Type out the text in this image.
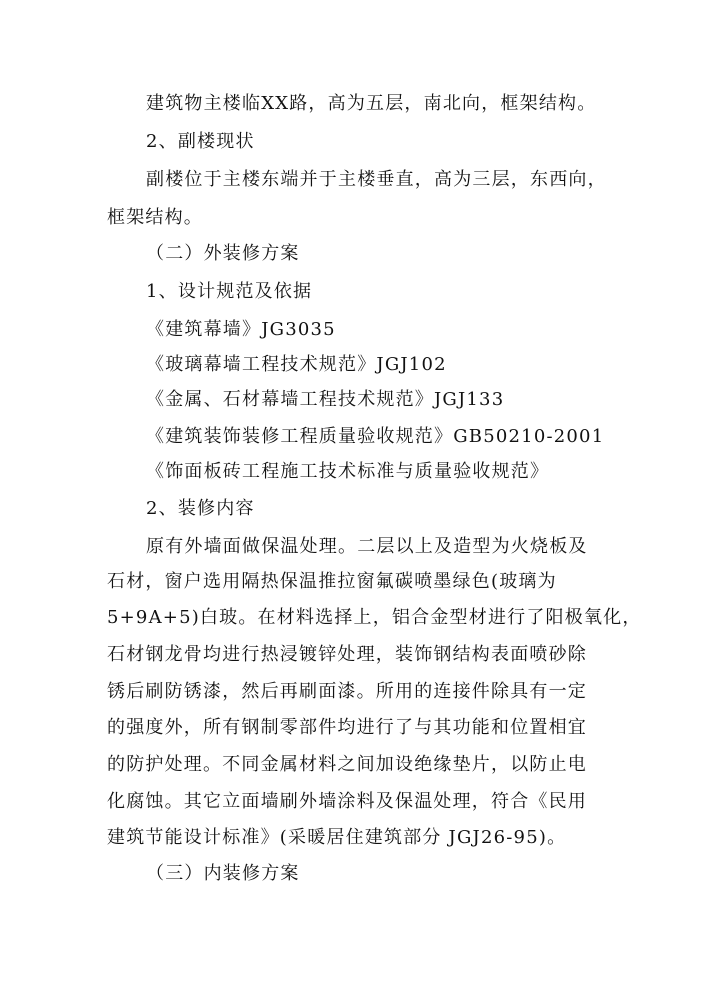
建筑物主楼临XX路，高为五层，南北向，框架结构。
2、副楼现状
副楼位于主楼东端并于主楼垂直，高为三层，东西向，
框架结构。
（二）外装修方案
1、设计规范及依据
《建筑幕墙》JG3035
《玻璃幕墙工程技术规范》JGJ102
《金属、石材幕墙工程技术规范》JGJ133
《建筑装饰装修工程质量验收规范》GB50210-2001
《饰面板砖工程施工技术标准与质量验收规范》
2、装修内容
原有外墙面做保温处理。二层以上及造型为火烧板及
石材，窗户选用隔热保温推拉窗氟碳喷墨绿色(玻璃为
5+9A+5)白玻。在材料选择上，铝合金型材进行了阳极氧化，
石材钢龙骨均进行热浸镀锌处理，装饰钢结构表面喷砂除
锈后刷防锈漆，然后再刷面漆。所用的连接件除具有一定
的强度外，所有钢制零部件均进行了与其功能和位置相宜
的防护处理。不同金属材料之间加设绝缘垫片，以防止电
化腐蚀。其它立面墙刷外墙涂料及保温处理，符合《民用
建筑节能设计标准》(采暖居住建筑部分 JGJ26-95)。
（三）内装修方案
